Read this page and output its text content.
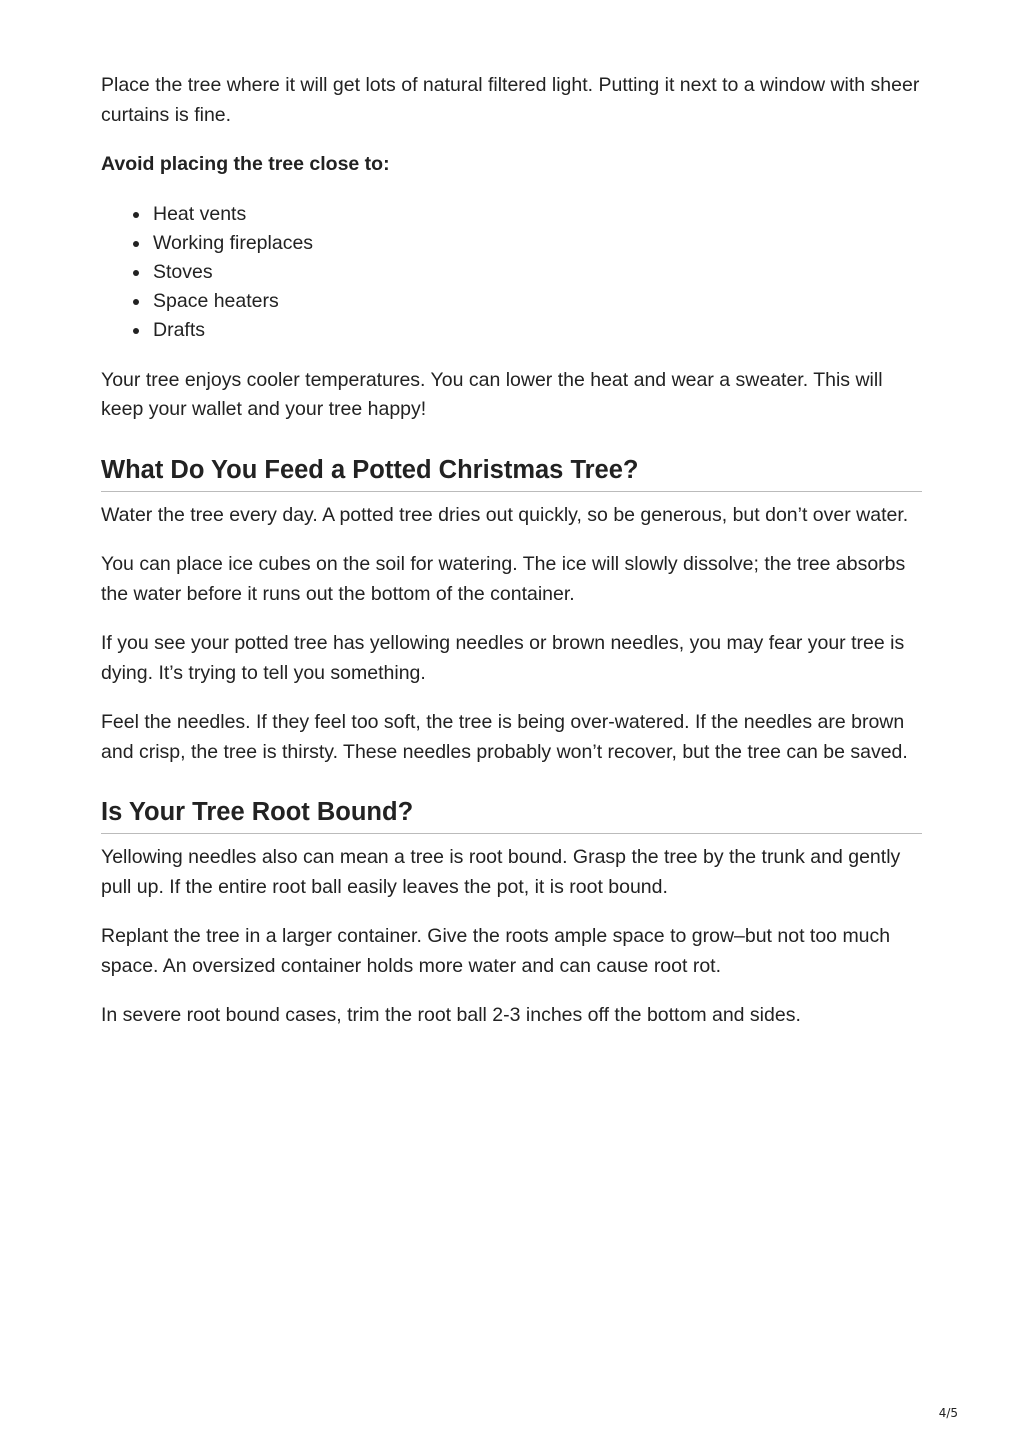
Place the tree where it will get lots of natural filtered light. Putting it next to a window with sheer curtains is fine.

Avoid placing the tree close to:

Heat vents
Working fireplaces
Stoves
Space heaters
Drafts

Your tree enjoys cooler temperatures. You can lower the heat and wear a sweater. This will keep your wallet and your tree happy!

What Do You Feed a Potted Christmas Tree?

Water the tree every day. A potted tree dries out quickly, so be generous, but don’t over water.

You can place ice cubes on the soil for watering. The ice will slowly dissolve; the tree absorbs the water before it runs out the bottom of the container.

If you see your potted tree has yellowing needles or brown needles, you may fear your tree is dying. It’s trying to tell you something.

Feel the needles. If they feel too soft, the tree is being over-watered. If the needles are brown and crisp, the tree is thirsty. These needles probably won’t recover, but the tree can be saved.

Is Your Tree Root Bound?

Yellowing needles also can mean a tree is root bound. Grasp the tree by the trunk and gently pull up. If the entire root ball easily leaves the pot, it is root bound.

Replant the tree in a larger container. Give the roots ample space to grow–but not too much space. An oversized container holds more water and can cause root rot.

In severe root bound cases, trim the root ball 2-3 inches off the bottom and sides.

4/5
